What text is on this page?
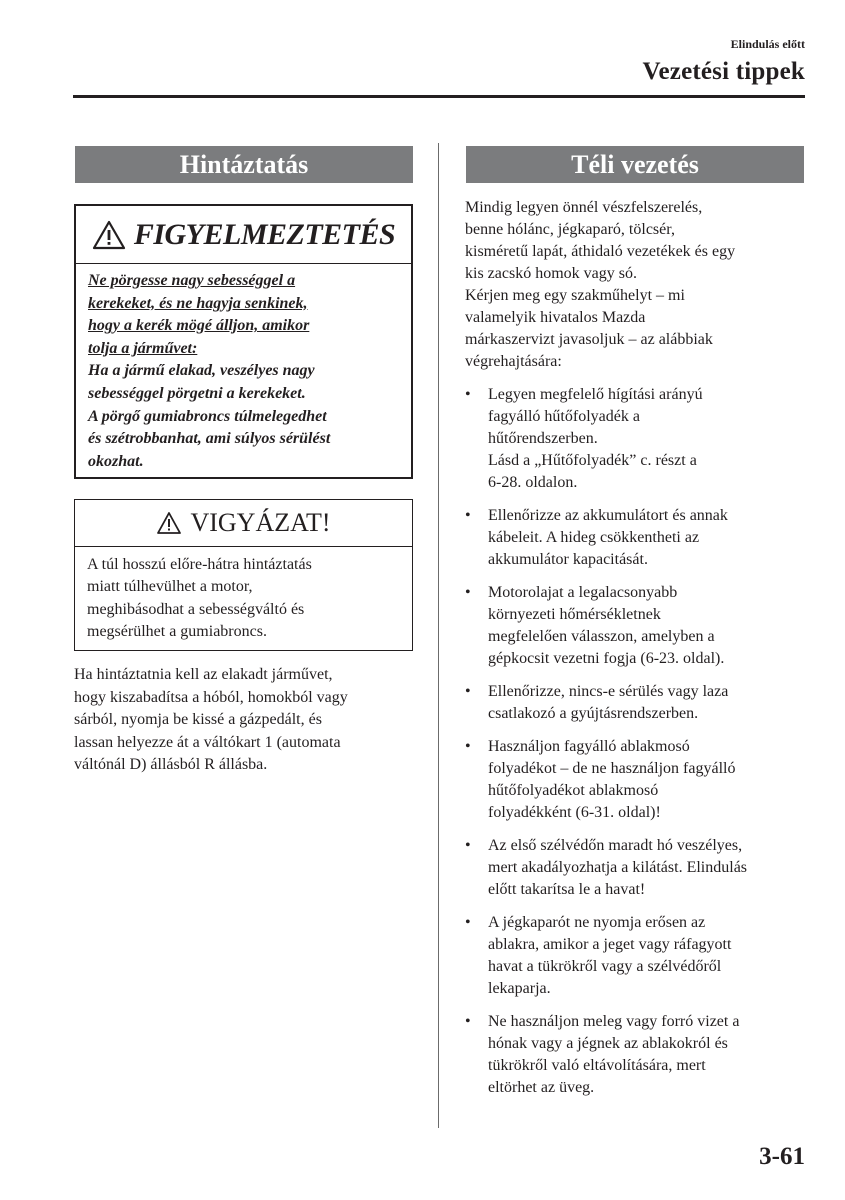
Elindulás előtt
Vezetési tippek
Hintáztatás
FIGYELMEZTETÉS
Ne pörgesse nagy sebességgel a
kerekeket, és ne hagyja senkinek,
hogy a kerék mögé álljon, amikor
tolja a járművet:
Ha a jármű elakad, veszélyes nagy
sebességgel pörgetni a kerekeket.
A pörgő gumiabroncs túlmelegedhet
és szétrobbanhat, ami súlyos sérülést
okozhat.
VIGYÁZAT!
A túl hosszú előre-hátra hintáztatás
miatt túlhevülhet a motor,
meghibásodhat a sebességváltó és
megsérülhet a gumiabroncs.
Ha hintáztatnia kell az elakadt járművet,
hogy kiszabadítsa a hóból, homokból vagy
sárból, nyomja be kissé a gázpedált, és
lassan helyezze át a váltókart 1 (automata
váltónál D) állásból R állásba.
Téli vezetés
Mindig legyen önnél vészfelszerelés,
benne hólánc, jégkaparó, tölcsér,
kisméretű lapát, áthidaló vezetékek és egy
kis zacskó homok vagy só.
Kérjen meg egy szakműhelyt – mi
valamelyik hivatalos Mazda
márkaszervizt javasoljuk – az alábbiak
végrehajtására:
• Legyen megfelelő hígítási arányú

fagyálló hűtőfolyadék a

hűtőrendszerben.

Lásd a „Hűtőfolyadék” c. részt a

6-28. oldalon.

• Ellenőrizze az akkumulátort és annak

kábeleit. A hideg csökkentheti az

akkumulátor kapacitását.

• Motorolajat a legalacsonyabb

környezeti hőmérsékletnek

megfelelően válasszon, amelyben a

gépkocsit vezetni fogja (6-23. oldal).

• Ellenőrizze, nincs-e sérülés vagy laza

csatlakozó a gyújtásrendszerben.

• Használjon fagyálló ablakmosó

folyadékot – de ne használjon fagyálló

hűtőfolyadékot ablakmosó

folyadékként (6-31. oldal)!

• Az első szélvédőn maradt hó veszélyes,

mert akadályozhatja a kilátást. Elindulás

előtt takarítsa le a havat!

• A jégkaparót ne nyomja erősen az

ablakra, amikor a jeget vagy ráfagyott

havat a tükrökről vagy a szélvédőről

lekaparja.

• Ne használjon meleg vagy forró vizet a

hónak vagy a jégnek az ablakokról és

tükrökről való eltávolítására, mert

eltörhet az üveg.

3-61
